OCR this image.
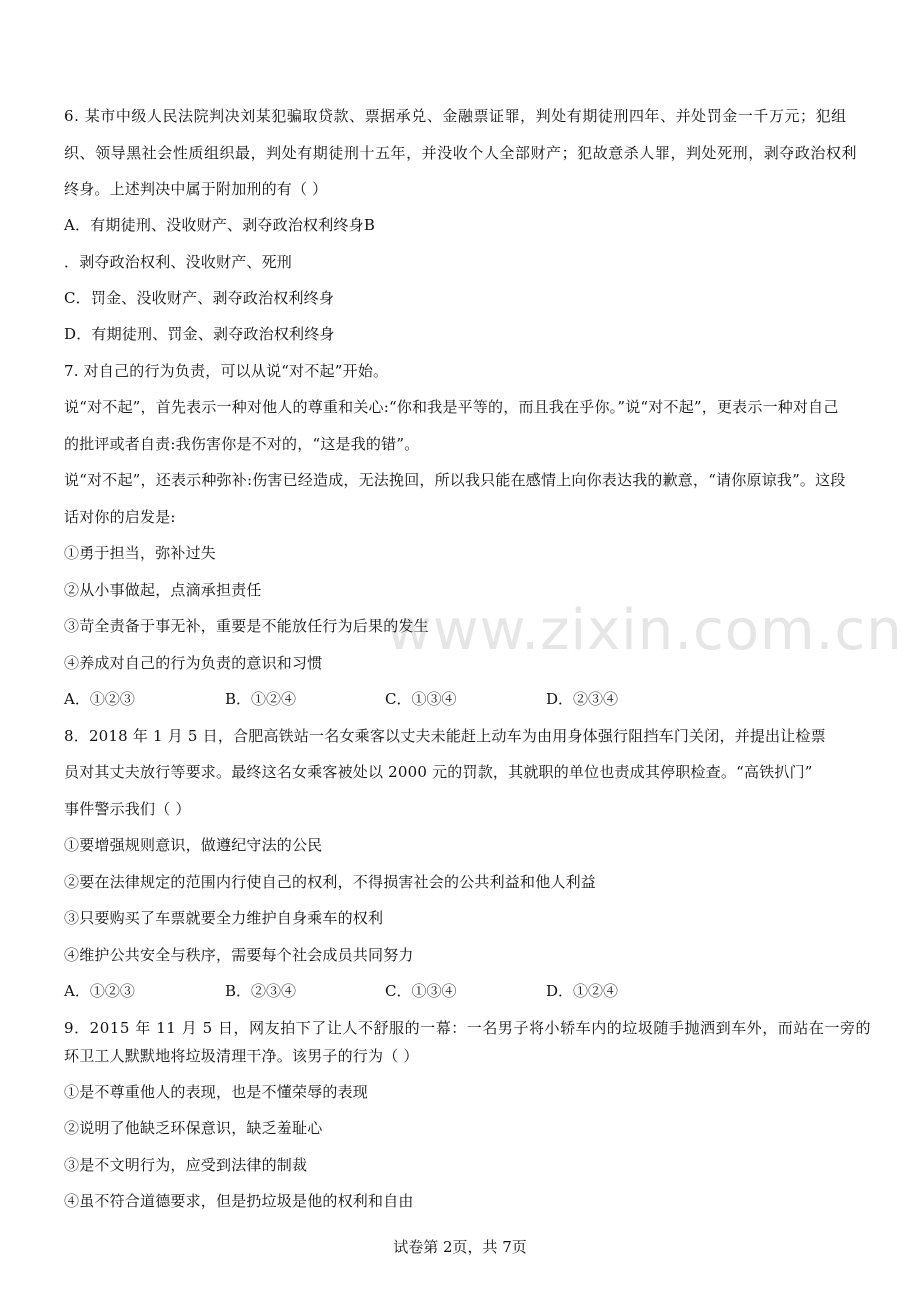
www.zixin.com.cn
6. 某市中级人民法院判决刘某犯骗取贷款、票据承兑、金融票证罪，判处有期徒刑四年、并处罚金一千万元；犯组
织、领导黑社会性质组织最，判处有期徒刑十五年，并没收个人全部财产；犯故意杀人罪，判处死刑，剥夺政治权利
终身。上述判决中属于附加刑的有（ ）
A．有期徒刑、没收财产、剥夺政治权利终身B
．剥夺政治权利、没收财产、死刑
C．罚金、没收财产、剥夺政治权利终身
D．有期徒刑、罚金、剥夺政治权利终身
7. 对自己的行为负责，可以从说“对不起”开始。
说“对不起”，首先表示一种对他人的尊重和关心:“你和我是平等的，而且我在乎你。”说“对不起”，更表示一种对自己
的批评或者自责:我伤害你是不对的，“这是我的错”。
说“对不起”，还表示种弥补:伤害已经造成，无法挽回，所以我只能在感情上向你表达我的歉意，“请你原谅我”。这段
话对你的启发是:
①勇于担当，弥补过失
②从小事做起，点滴承担责任
③苛全责备于事无补，重要是不能放任行为后果的发生
④养成对自己的行为负责的意识和习惯
A．①②③	B．①②④	C．①③④	D．②③④
8．2018 年 1 月 5 日，合肥高铁站一名女乘客以丈夫未能赶上动车为由用身体强行阻挡车门关闭，并提出让检票
员对其丈夫放行等要求。最终这名女乘客被处以 2000 元的罚款，其就职的单位也责成其停职检查。“高铁扒门”
事件警示我们（ ）
①要增强规则意识，做遵纪守法的公民
②要在法律规定的范围内行使自己的权利，不得损害社会的公共利益和他人利益
③只要购买了车票就要全力维护自身乘车的权利
④维护公共安全与秩序，需要每个社会成员共同努力
A．①②③	B．②③④	C．①③④	D．①②④
9．2015 年 11 月 5 日，网友拍下了让人不舒服的一幕：一名男子将小轿车内的垃圾随手抛洒到车外，而站在一旁的
环卫工人默默地将垃圾清理干净。该男子的行为（ ）
①是不尊重他人的表现，也是不懂荣辱的表现
②说明了他缺乏环保意识，缺乏羞耻心
③是不文明行为，应受到法律的制裁
④虽不符合道德要求，但是扔垃圾是他的权利和自由
试卷第 2页，共 7页
